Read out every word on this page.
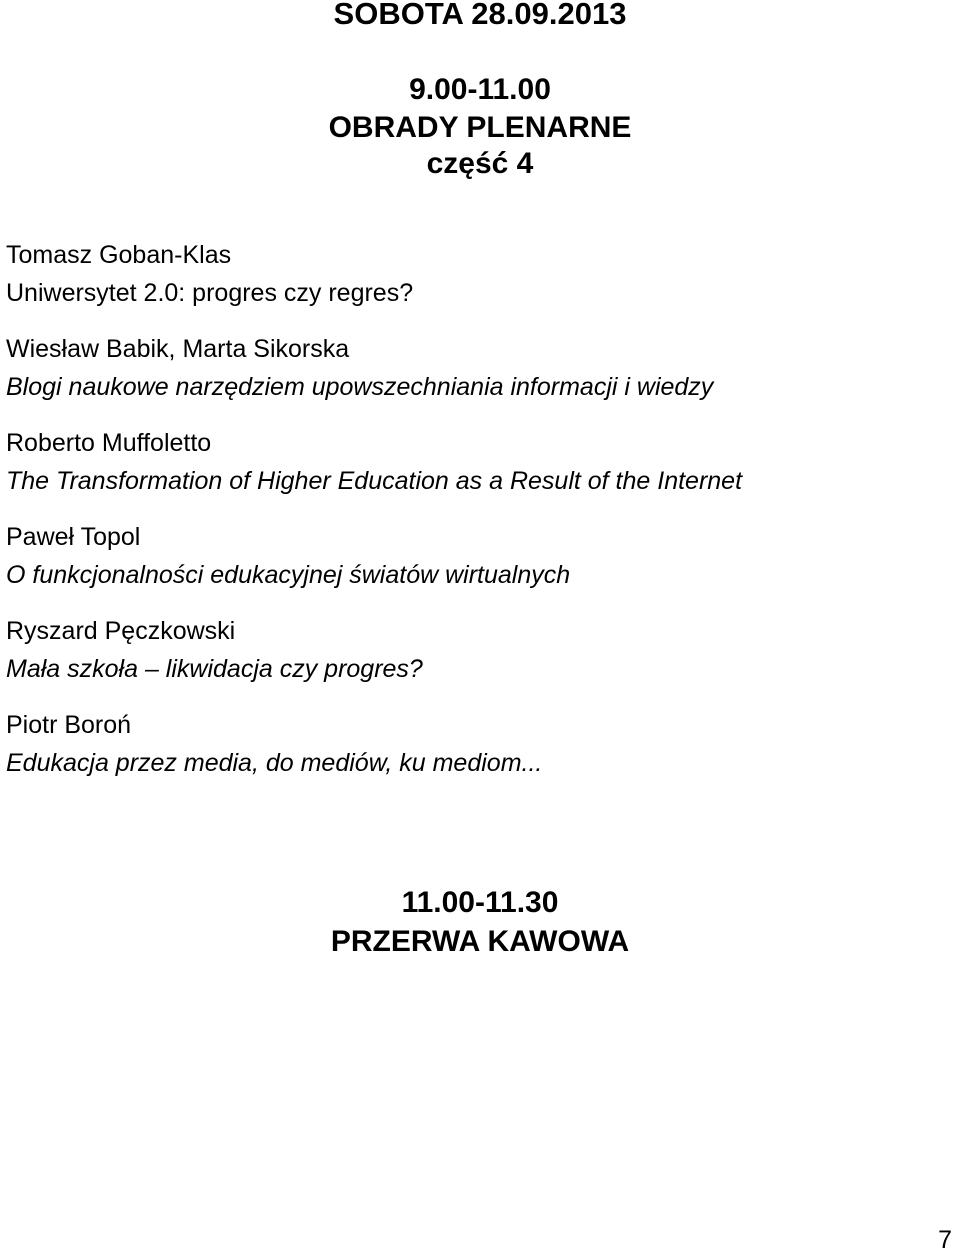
SOBOTA 28.09.2013
9.00-11.00
OBRADY PLENARNE
część 4
Tomasz Goban-Klas
Uniwersytet 2.0: progres czy regres?
Wiesław Babik, Marta Sikorska
Blogi naukowe narzędziem upowszechniania informacji i wiedzy
Roberto Muffoletto
The Transformation of Higher Education as a Result of the Internet
Paweł Topol
O funkcjonalności edukacyjnej światów wirtualnych
Ryszard Pęczkowski
Mała szkoła – likwidacja czy progres?
Piotr Boroń
Edukacja przez media, do mediów, ku mediom...
11.00-11.30
PRZERWA KAWOWA
7
